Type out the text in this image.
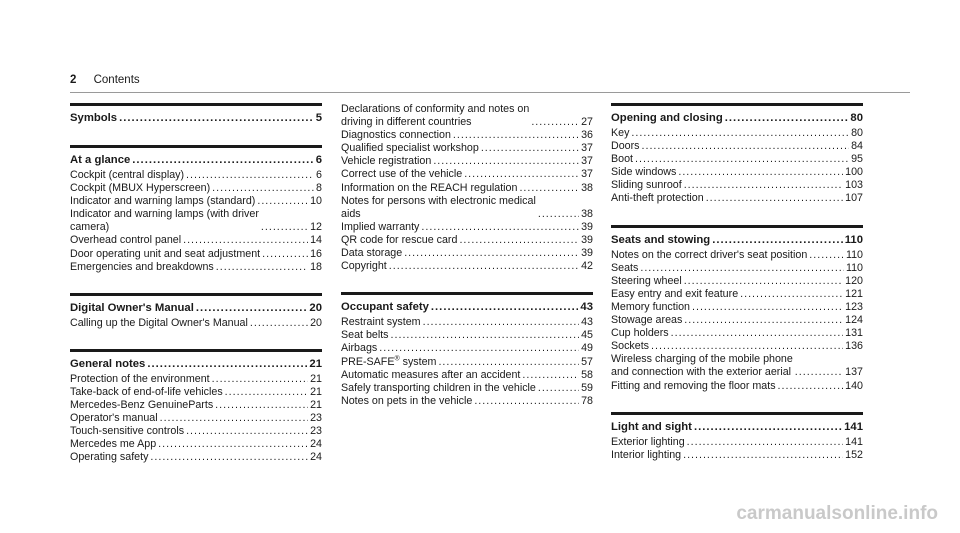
2 Contents
Symbols .....	5
At a glance .....	6
Cockpit (central display) .....	6
Cockpit (MBUX Hyperscreen) .....	8
Indicator and warning lamps (standard) .....	10
Indicator and warning lamps (with driver
camera) .....	12
Overhead control panel .....	14
Door operating unit and seat adjustment .....	16
Emergencies and breakdowns .....	18
Digital Owner's Manual .....	20
Calling up the Digital Owner's Manual .....	20
General notes .....	21
Protection of the environment .....	21
Take-back of end-of-life vehicles .....	21
Mercedes-Benz GenuineParts .....	21
Operator's manual .....	23
Touch-sensitive controls .....	23
Mercedes me App .....	24
Operating safety .....	24
Declarations of conformity and notes on
driving in different countries .....	27
Diagnostics connection .....	36
Qualified specialist workshop .....	37
Vehicle registration .....	37
Correct use of the vehicle .....	37
Information on the REACH regulation .....	38
Notes for persons with electronic medical
aids .....	38
Implied warranty .....	39
QR code for rescue card .....	39
Data storage .....	39
Copyright .....	42
Occupant safety .....	43
Restraint system .....	43
Seat belts .....	45
Airbags .....	49
PRE-SAFE® system .....	57
Automatic measures after an accident .....	58
Safely transporting children in the vehicle .....	59
Notes on pets in the vehicle .....	78
Opening and closing .....	80
Key .....	80
Doors .....	84
Boot .....	95
Side windows .....	100
Sliding sunroof .....	103
Anti-theft protection .....	107
Seats and stowing .....	110
Notes on the correct driver's seat position .....	110
Seats .....	110
Steering wheel .....	120
Easy entry and exit feature .....	121
Memory function .....	123
Stowage areas .....	124
Cup holders .....	131
Sockets .....	136
Wireless charging of the mobile phone
and connection with the exterior aerial .....	137
Fitting and removing the floor mats .....	140
Light and sight .....	141
Exterior lighting .....	141
Interior lighting .....	152
carmanualsonline.info
